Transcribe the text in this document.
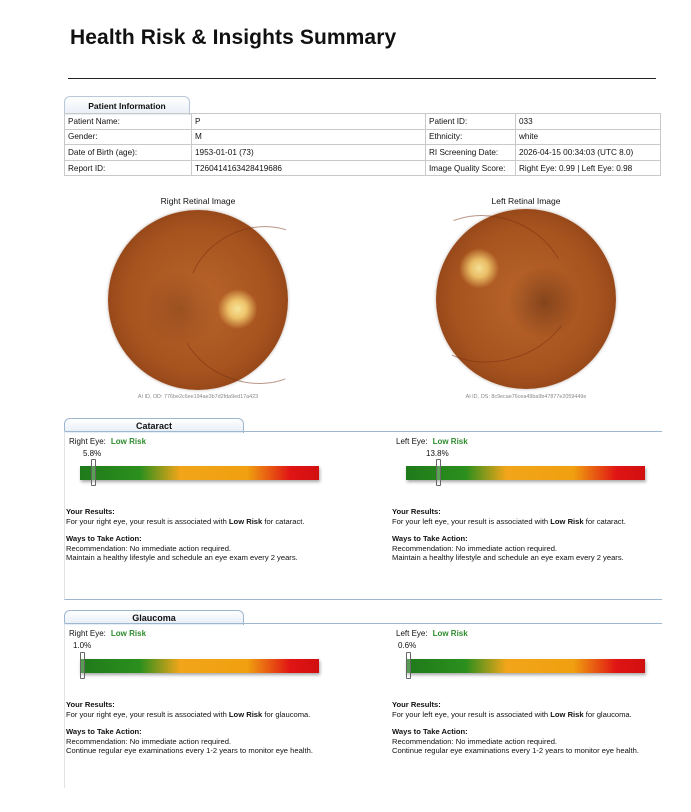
Health Risk & Insights Summary
Patient Information
Patient Name:	P	Patient ID:	033
Gender:	M	Ethnicity:	white
Date of Birth (age):	1953-01-01 (73)	RI Screening Date:	2026-04-15 00:34:03 (UTC 8.0)
Report ID:	T260414163428419686	Image Quality Score:	Right Eye: 0.99 | Left Eye: 0.98
Right Retinal Image
AI ID, OD: 776be2c6ee194ae3b7d2fda9ed17a423
Left Retinal Image
AI ID, OS: 8c9ecae76cea49ba9b47877e2059449e
Cataract
Right Eye: Low Risk
5.8%
Your Results:
For your right eye, your result is associated with Low Risk for cataract.
Ways to Take Action:
Recommendation: No immediate action required.
Maintain a healthy lifestyle and schedule an eye exam every 2 years.
Left Eye: Low Risk
13.8%
Your Results:
For your left eye, your result is associated with Low Risk for cataract.
Ways to Take Action:
Recommendation: No immediate action required.
Maintain a healthy lifestyle and schedule an eye exam every 2 years.
Glaucoma
Right Eye: Low Risk
1.0%
Your Results:
For your right eye, your result is associated with Low Risk for glaucoma.
Ways to Take Action:
Recommendation: No immediate action required.
Continue regular eye examinations every 1-2 years to monitor eye health.
Left Eye: Low Risk
0.6%
Your Results:
For your left eye, your result is associated with Low Risk for glaucoma.
Ways to Take Action:
Recommendation: No immediate action required.
Continue regular eye examinations every 1-2 years to monitor eye health.
